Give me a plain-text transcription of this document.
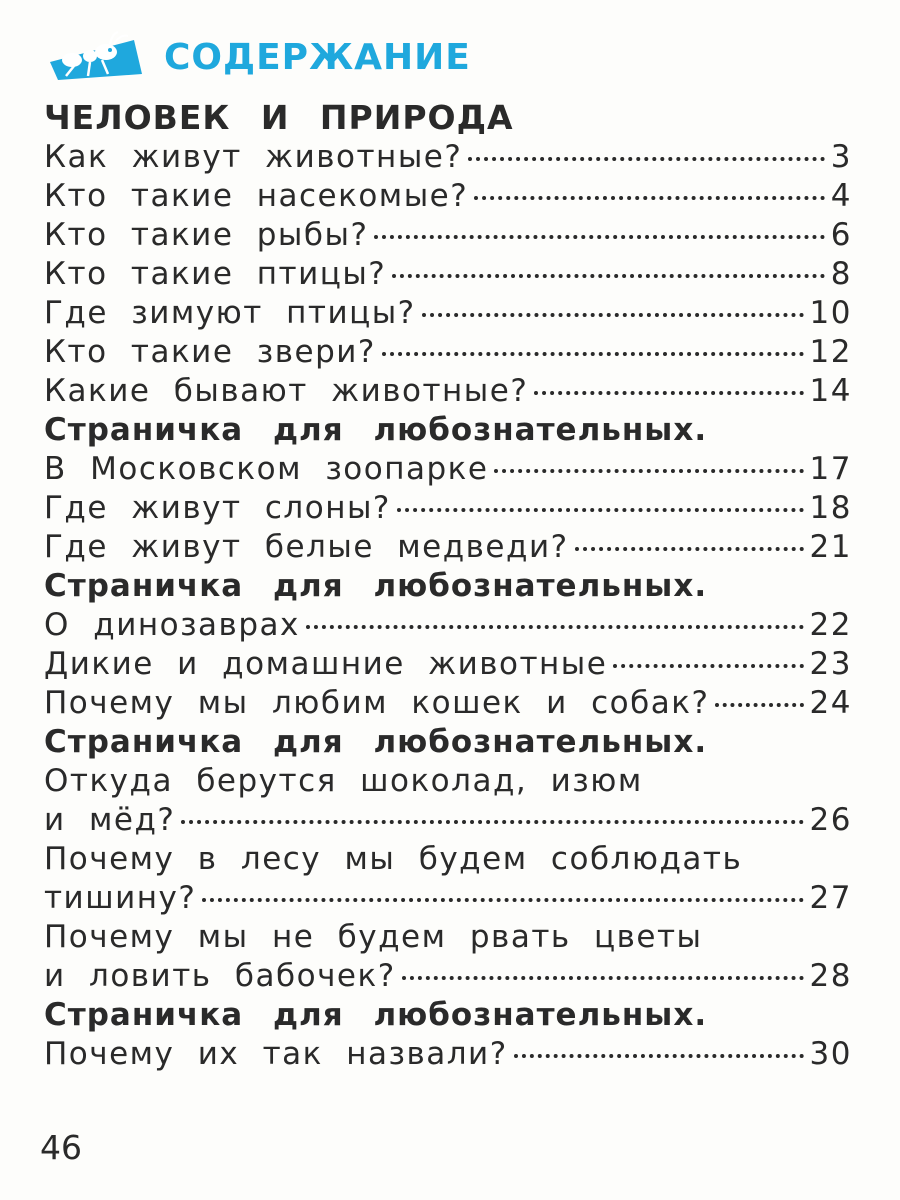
СОДЕРЖАНИЕ
ЧЕЛОВЕК И ПРИРОДА
Как живут животные?	3
Кто такие насекомые?	4
Кто такие рыбы?	6
Кто такие птицы?	8
Где зимуют птицы?	10
Кто такие звери?	12
Какие бывают животные?	14
Страничка для любознательных.
В Московском зоопарке	17
Где живут слоны?	18
Где живут белые медведи?	21
Страничка для любознательных.
О динозаврах	22
Дикие и домашние животные	23
Почему мы любим кошек и собак?	24
Страничка для любознательных.
Откуда берутся шоколад, изюм
и мёд?	26
Почему в лесу мы будем соблюдать
тишину?	27
Почему мы не будем рвать цветы
и ловить бабочек?	28
Страничка для любознательных.
Почему их так назвали?	30
46
